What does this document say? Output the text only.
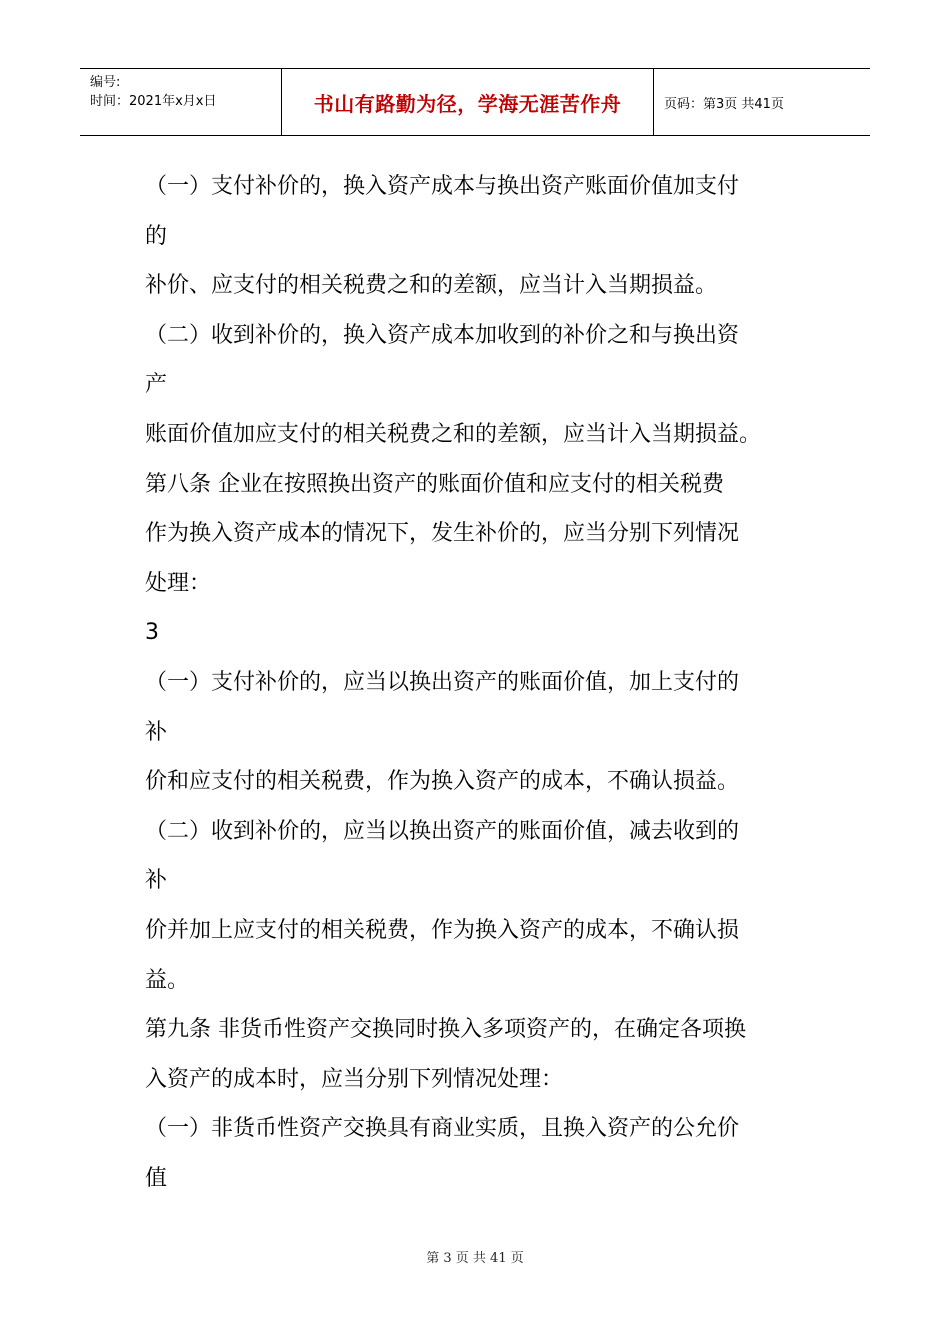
编号:
时间：2021年x月x日	书山有路勤为径，学海无涯苦作舟	页码：第3页 共41页
（一）支付补价的，换入资产成本与换出资产账面价值加支付
的
补价、应支付的相关税费之和的差额，应当计入当期损益。
（二）收到补价的，换入资产成本加收到的补价之和与换出资
产
账面价值加应支付的相关税费之和的差额，应当计入当期损益。
第八条 企业在按照换出资产的账面价值和应支付的相关税费
作为换入资产成本的情况下，发生补价的，应当分别下列情况
处理：
3
（一）支付补价的，应当以换出资产的账面价值，加上支付的
补
价和应支付的相关税费，作为换入资产的成本，不确认损益。
（二）收到补价的，应当以换出资产的账面价值，减去收到的
补
价并加上应支付的相关税费，作为换入资产的成本，不确认损
益。
第九条 非货币性资产交换同时换入多项资产的，在确定各项换
入资产的成本时，应当分别下列情况处理：
（一）非货币性资产交换具有商业实质，且换入资产的公允价
值
第 3 页 共 41 页
